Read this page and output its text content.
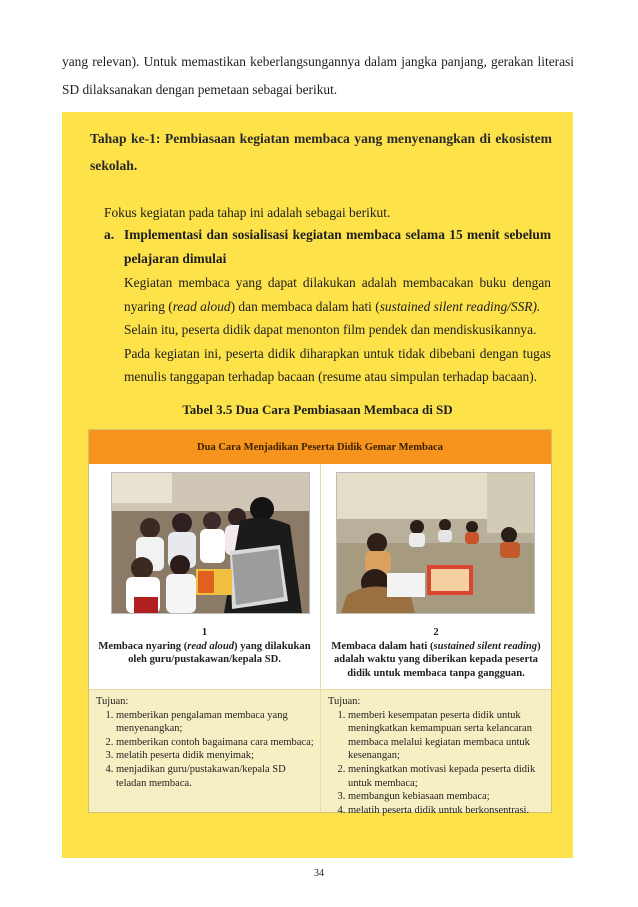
yang relevan). Untuk memastikan keberlangsungannya dalam jangka panjang, gerakan literasi SD dilaksanakan dengan pemetaan sebagai berikut.
Tahap ke-1: Pembiasaan kegiatan membaca yang menyenangkan di ekosistem sekolah.
Fokus kegiatan pada tahap ini adalah sebagai berikut.
a. Implementasi dan sosialisasi kegiatan membaca selama 15 menit sebelum pelajaran dimulai

Kegiatan membaca yang dapat dilakukan adalah membacakan buku dengan nyaring (read aloud) dan membaca dalam hati (sustained silent reading/SSR).

Selain itu, peserta didik dapat menonton film pendek dan mendiskusikannya.

Pada kegiatan ini, peserta didik diharapkan untuk tidak dibebani dengan tugas menulis tanggapan terhadap bacaan (resume atau simpulan terhadap bacaan).

Tabel 3.5 Dua Cara Pembiasaan Membaca di SD
Dua Cara Menjadikan Peserta Didik Gemar Membaca
1
Membaca nyaring (read aloud) yang dilakukan oleh guru/pustakawan/kepala SD.
2
Membaca dalam hati (sustained silent reading) adalah waktu yang diberikan kepada peserta didik untuk membaca tanpa gangguan.
Tujuan:
1. memberikan pengalaman membaca yang menyenangkan;
2. memberikan contoh bagaimana cara membaca;
3. melatih peserta didik menyimak;
4. menjadikan guru/pustakawan/kepala SD teladan membaca.
Tujuan:
1. memberi kesempatan peserta didik untuk meningkatkan kemampuan serta kelancaran membaca melalui kegiatan membaca untuk kesenangan;
2. meningkatkan motivasi kepada peserta didik untuk membaca;
3. membangun kebiasaan membaca;
4. melatih peserta didik untuk berkonsentrasi.
34
